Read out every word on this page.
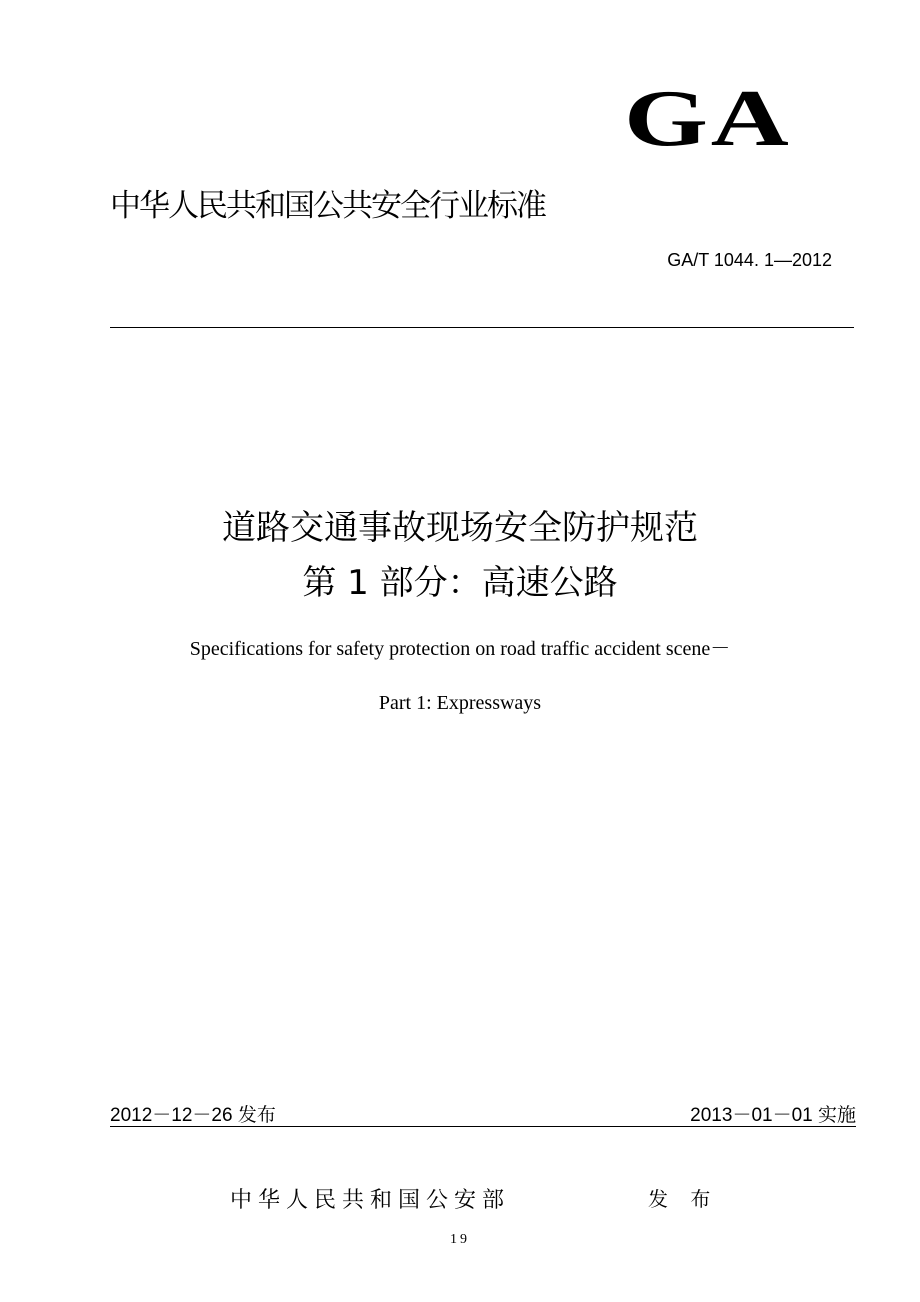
GA
中华人民共和国公共安全行业标准
GA/T 1044. 1—2012
道路交通事故现场安全防护规范
第 1 部分：高速公路
Specifications for safety protection on road traffic accident scene－
Part 1: Expressways
2012－12－26 发布	2013－01－01 实施
中华人民共和国公安部	发 布
19
